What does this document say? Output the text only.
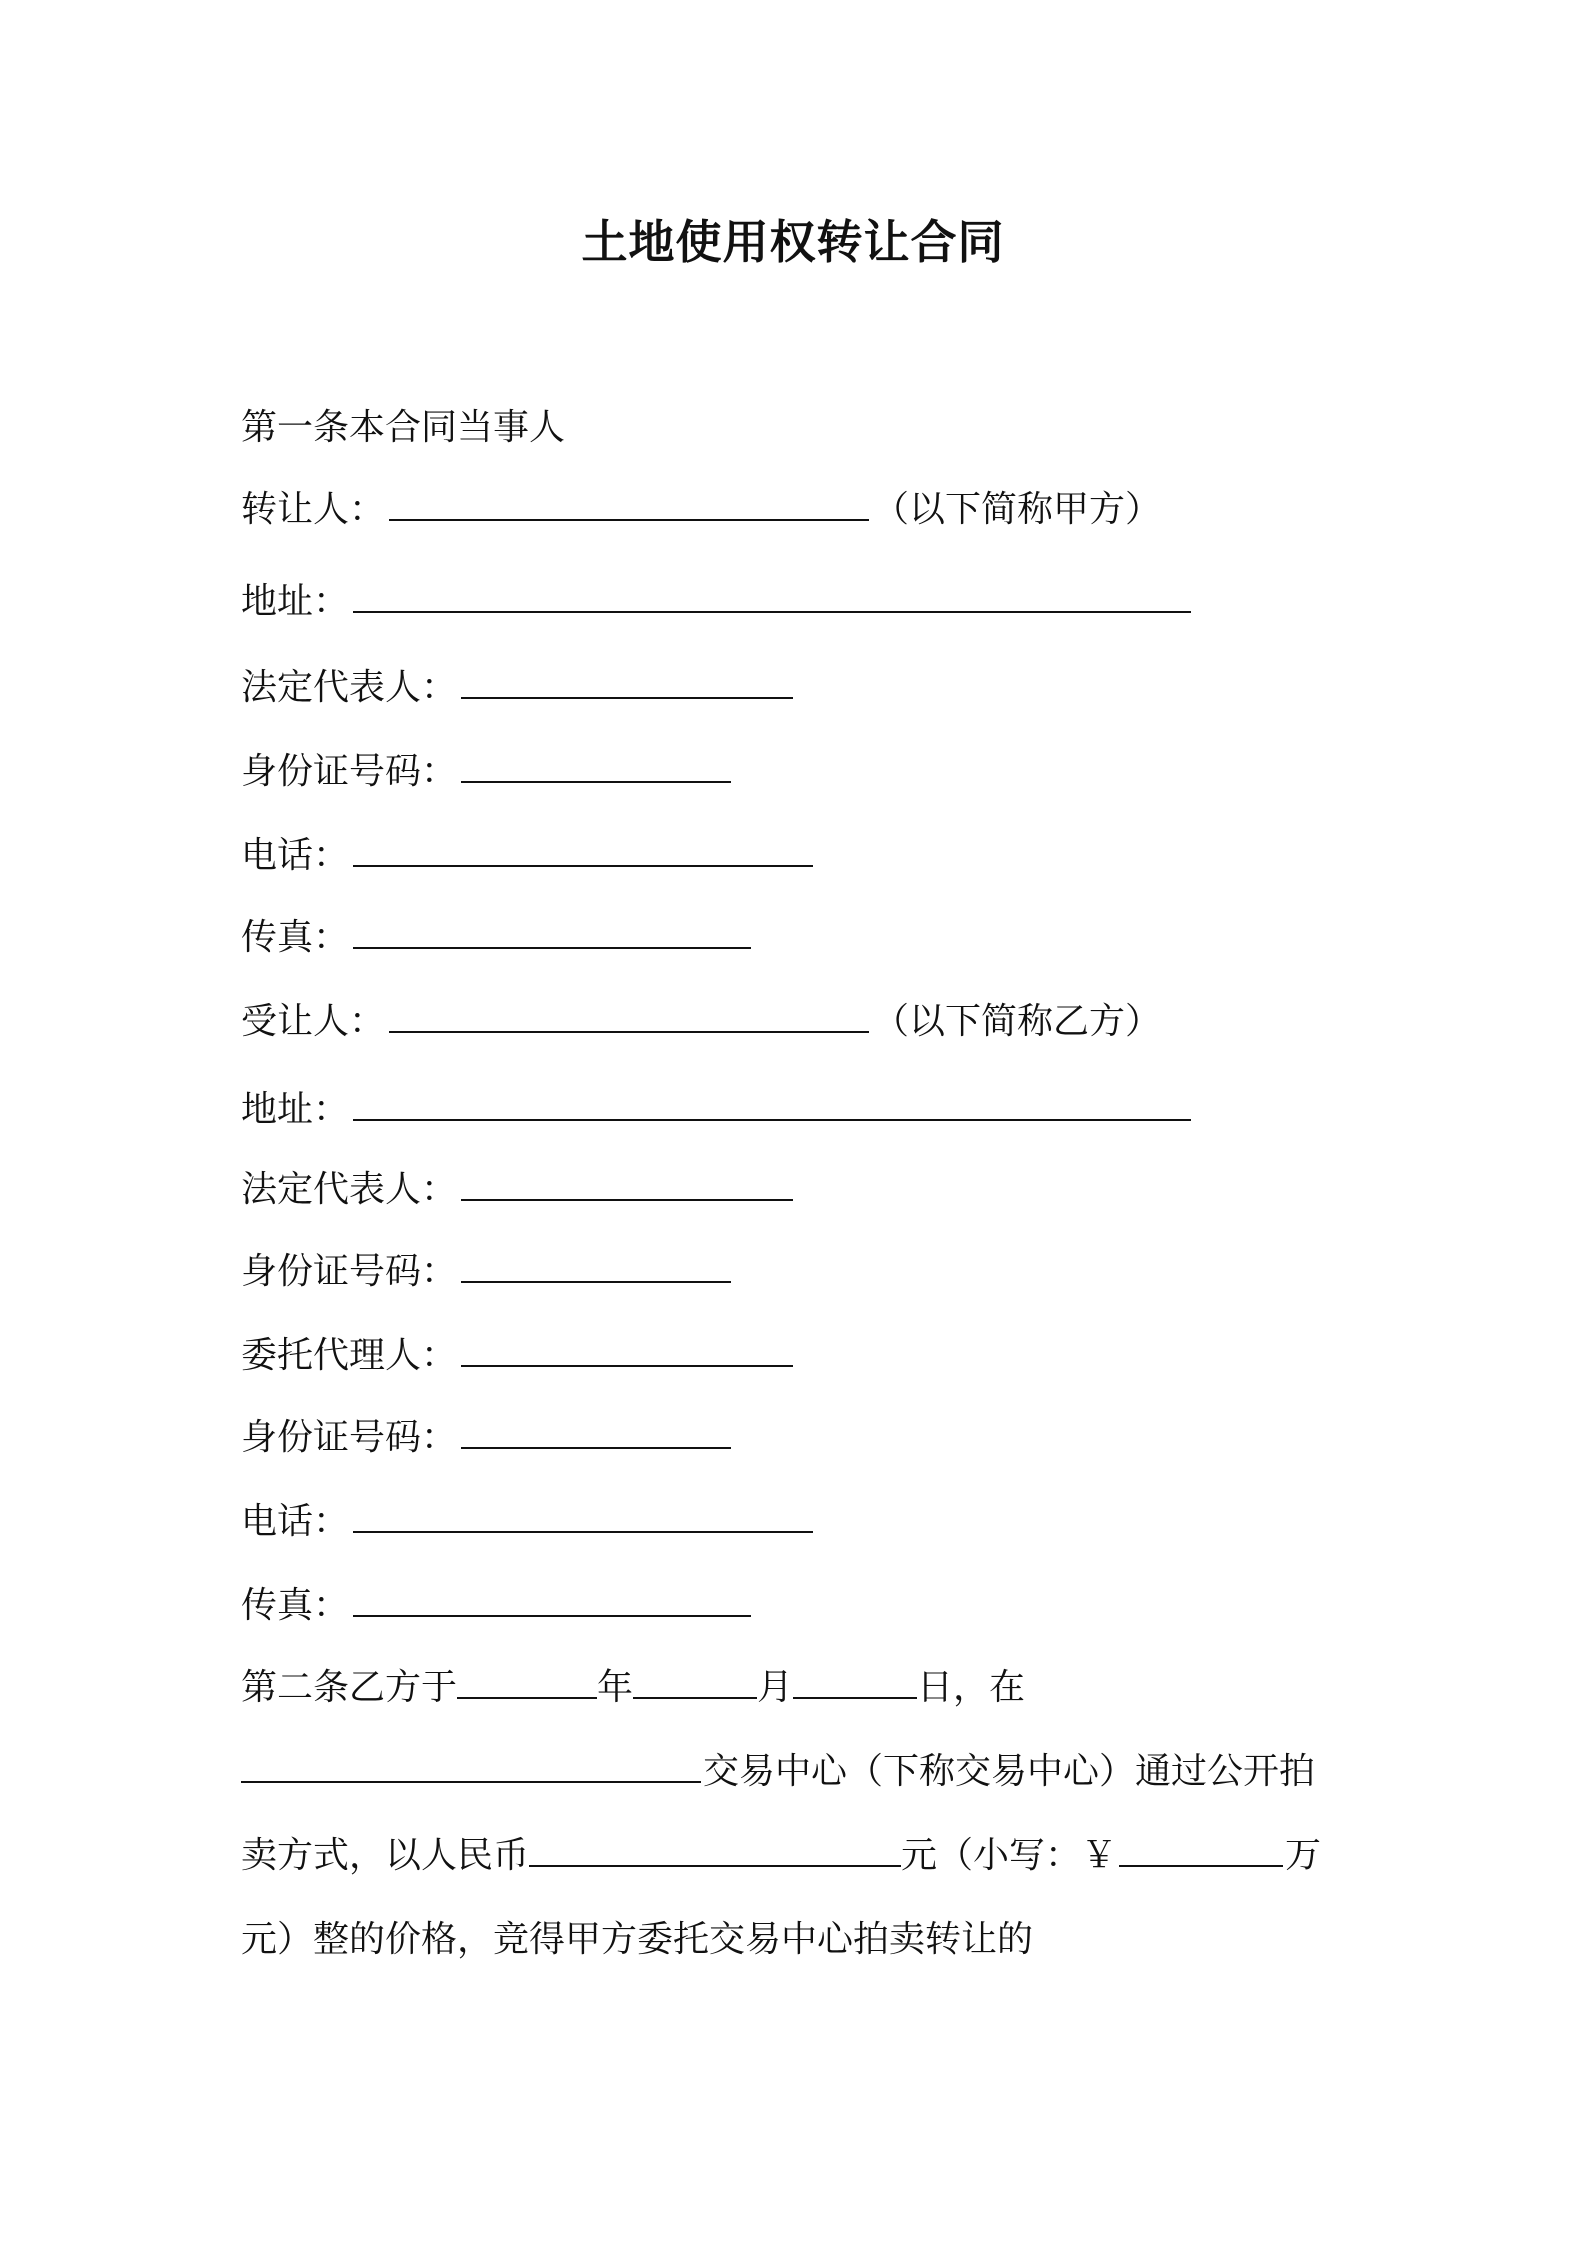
土地使用权转让合同
第一条本合同当事人
转让人：	（以下简称甲方）
地址：
法定代表人：
身份证号码：
电话：
传真：
受让人：	（以下简称乙方）
地址：
法定代表人：
身份证号码：
委托代理人：
身份证号码：
电话：
传真：
第二条乙方于	年	月	日，在
交易中心（下称交易中心）通过公开拍
卖方式，以人民币	元（小写：￥	万
元）整的价格，竞得甲方委托交易中心拍卖转让的
